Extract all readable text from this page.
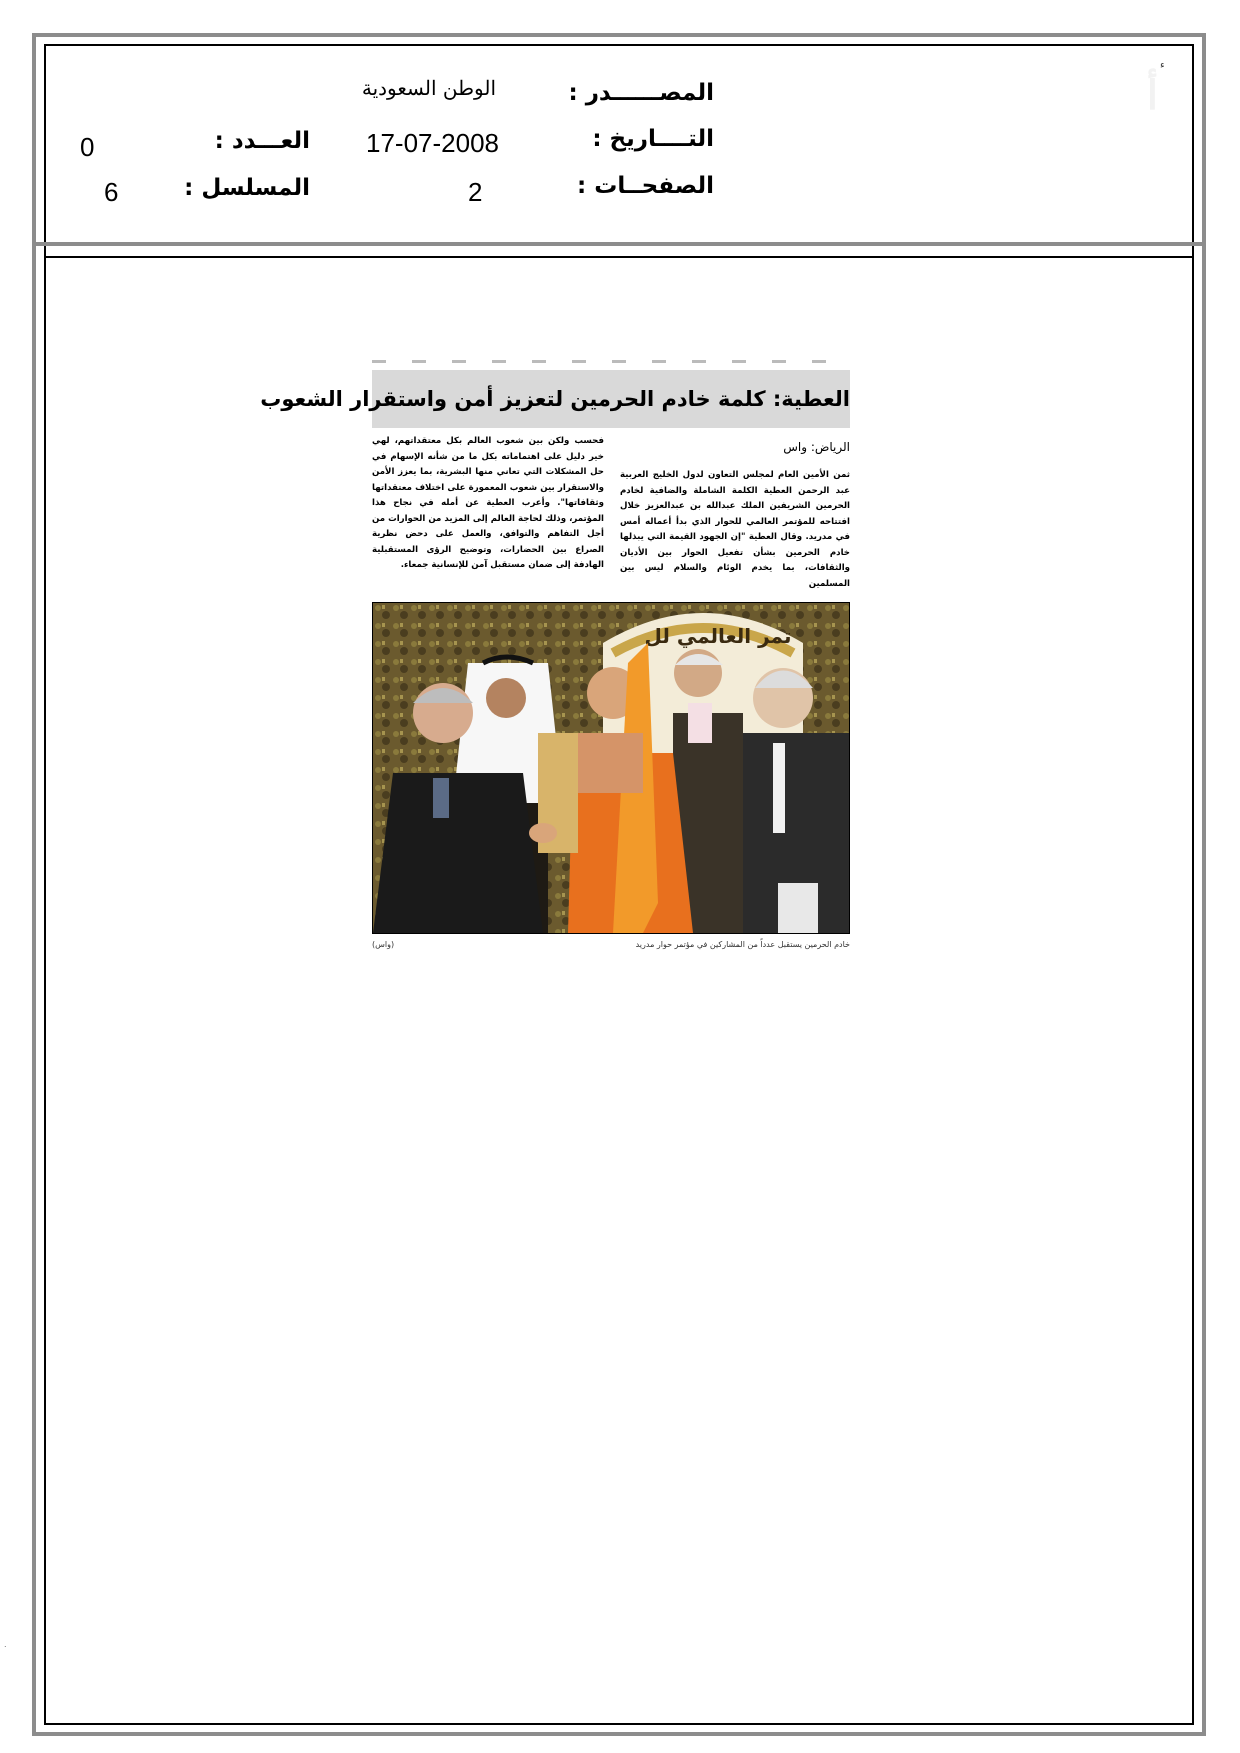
أ
ء
.
المصــــــدر :
الوطن السعودية
التــــاريخ :
17-07-2008
العـــدد :
0
الصفحــات :
2
المسلسل :
6
العطية: كلمة خادم الحرمين لتعزيز أمن واستقرار الشعوب
الرياض: واس
ثمن الأمين العام لمجلس التعاون لدول الخليج العربية عبد الرحمن العطية الكلمة الشاملة والضافية لخادم الحرمين الشريفين الملك عبدالله بن عبدالعزيز خلال افتتاحه للمؤتمر العالمي للحوار الذي بدأ أعماله أمس في مدريد. وقال العطية "إن الجهود القيمة التي يبذلها خادم الحرمين بشأن تفعيل الحوار بين الأديان والثقافات، بما يخدم الوئام والسلام ليس بين المسلمين
فحسب ولكن بين شعوب العالم بكل معتقداتهم، لهي خير دليل على اهتماماته بكل ما من شأنه الإسهام في حل المشكلات التي تعاني منها البشرية، بما يعزز الأمن والاستقرار بين شعوب المعمورة على اختلاف معتقداتها وثقافاتها". وأعرب العطية عن أمله في نجاح هذا المؤتمر، وذلك لحاجة العالم إلى المزيد من الحوارات من أجل التفاهم والتوافق، والعمل على دحض نظرية الصراع بين الحضارات، وتوضيح الرؤى المستقبلية الهادفة إلى ضمان مستقبل آمن للإنسانية جمعاء.
تمر العالمي لل
خادم الحرمين يستقبل عدداً من المشاركين في مؤتمر حوار مدريد
(واس)
